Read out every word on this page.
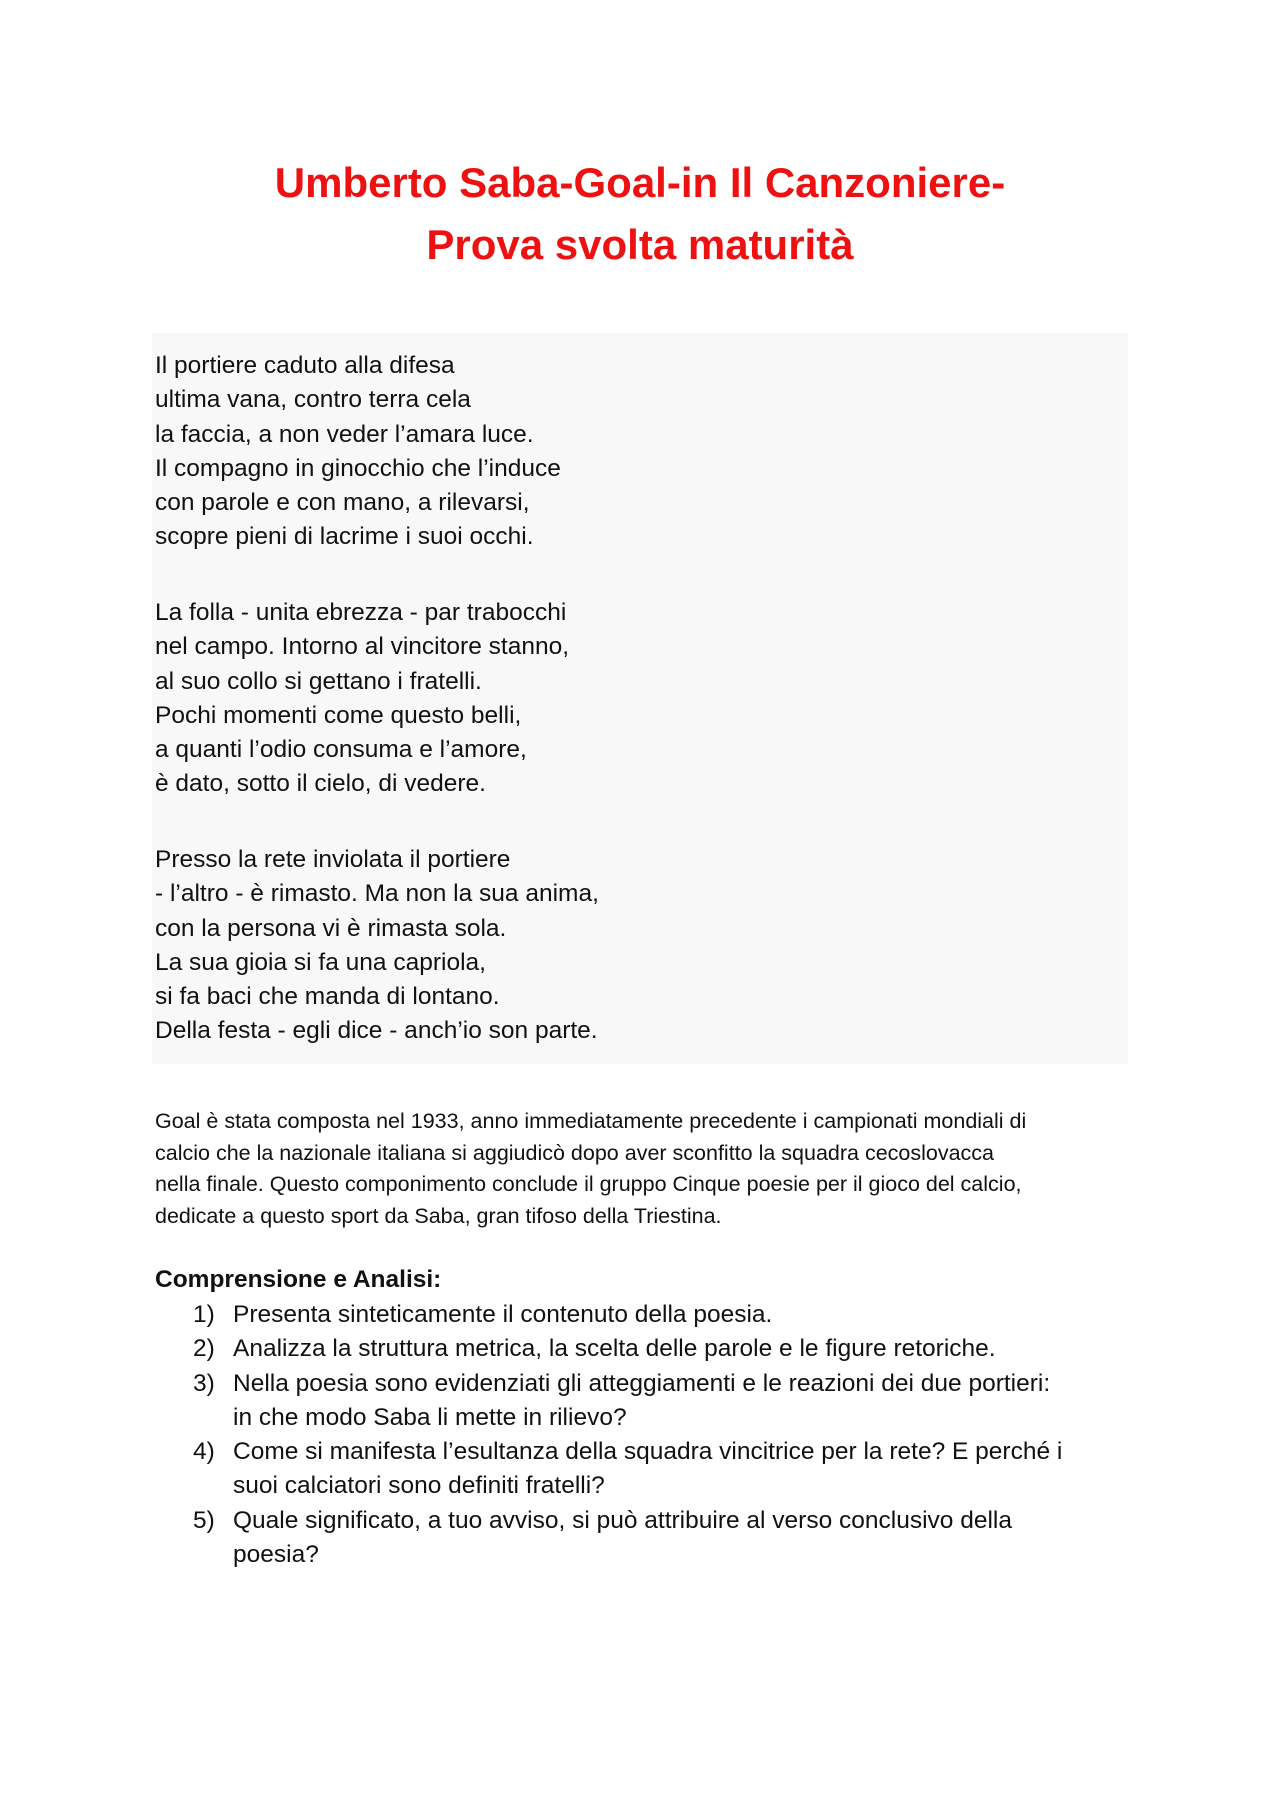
Umberto Saba-Goal-in Il Canzoniere-
Prova svolta maturità
Il portiere caduto alla difesa
ultima vana, contro terra cela
la faccia, a non veder l’amara luce.
Il compagno in ginocchio che l’induce
con parole e con mano, a rilevarsi,
scopre pieni di lacrime i suoi occhi.
La folla - unita ebrezza - par trabocchi
nel campo. Intorno al vincitore stanno,
al suo collo si gettano i fratelli.
Pochi momenti come questo belli,
a quanti l’odio consuma e l’amore,
è dato, sotto il cielo, di vedere.
Presso la rete inviolata il portiere
- l’altro - è rimasto. Ma non la sua anima,
con la persona vi è rimasta sola.
La sua gioia si fa una capriola,
si fa baci che manda di lontano.
Della festa - egli dice - anch’io son parte.
Goal è stata composta nel 1933, anno immediatamente precedente i campionati mondiali di
calcio che la nazionale italiana si aggiudicò dopo aver sconfitto la squadra cecoslovacca
nella finale. Questo componimento conclude il gruppo Cinque poesie per il gioco del calcio,
dedicate a questo sport da Saba, gran tifoso della Triestina.
Comprensione e Analisi:
1) Presenta sinteticamente il contenuto della poesia.
2) Analizza la struttura metrica, la scelta delle parole e le figure retoriche.
3) Nella poesia sono evidenziati gli atteggiamenti e le reazioni dei due portieri:
in che modo Saba li mette in rilievo?
4) Come si manifesta l’esultanza della squadra vincitrice per la rete? E perché i
suoi calciatori sono definiti fratelli?
5) Quale significato, a tuo avviso, si può attribuire al verso conclusivo della
poesia?
